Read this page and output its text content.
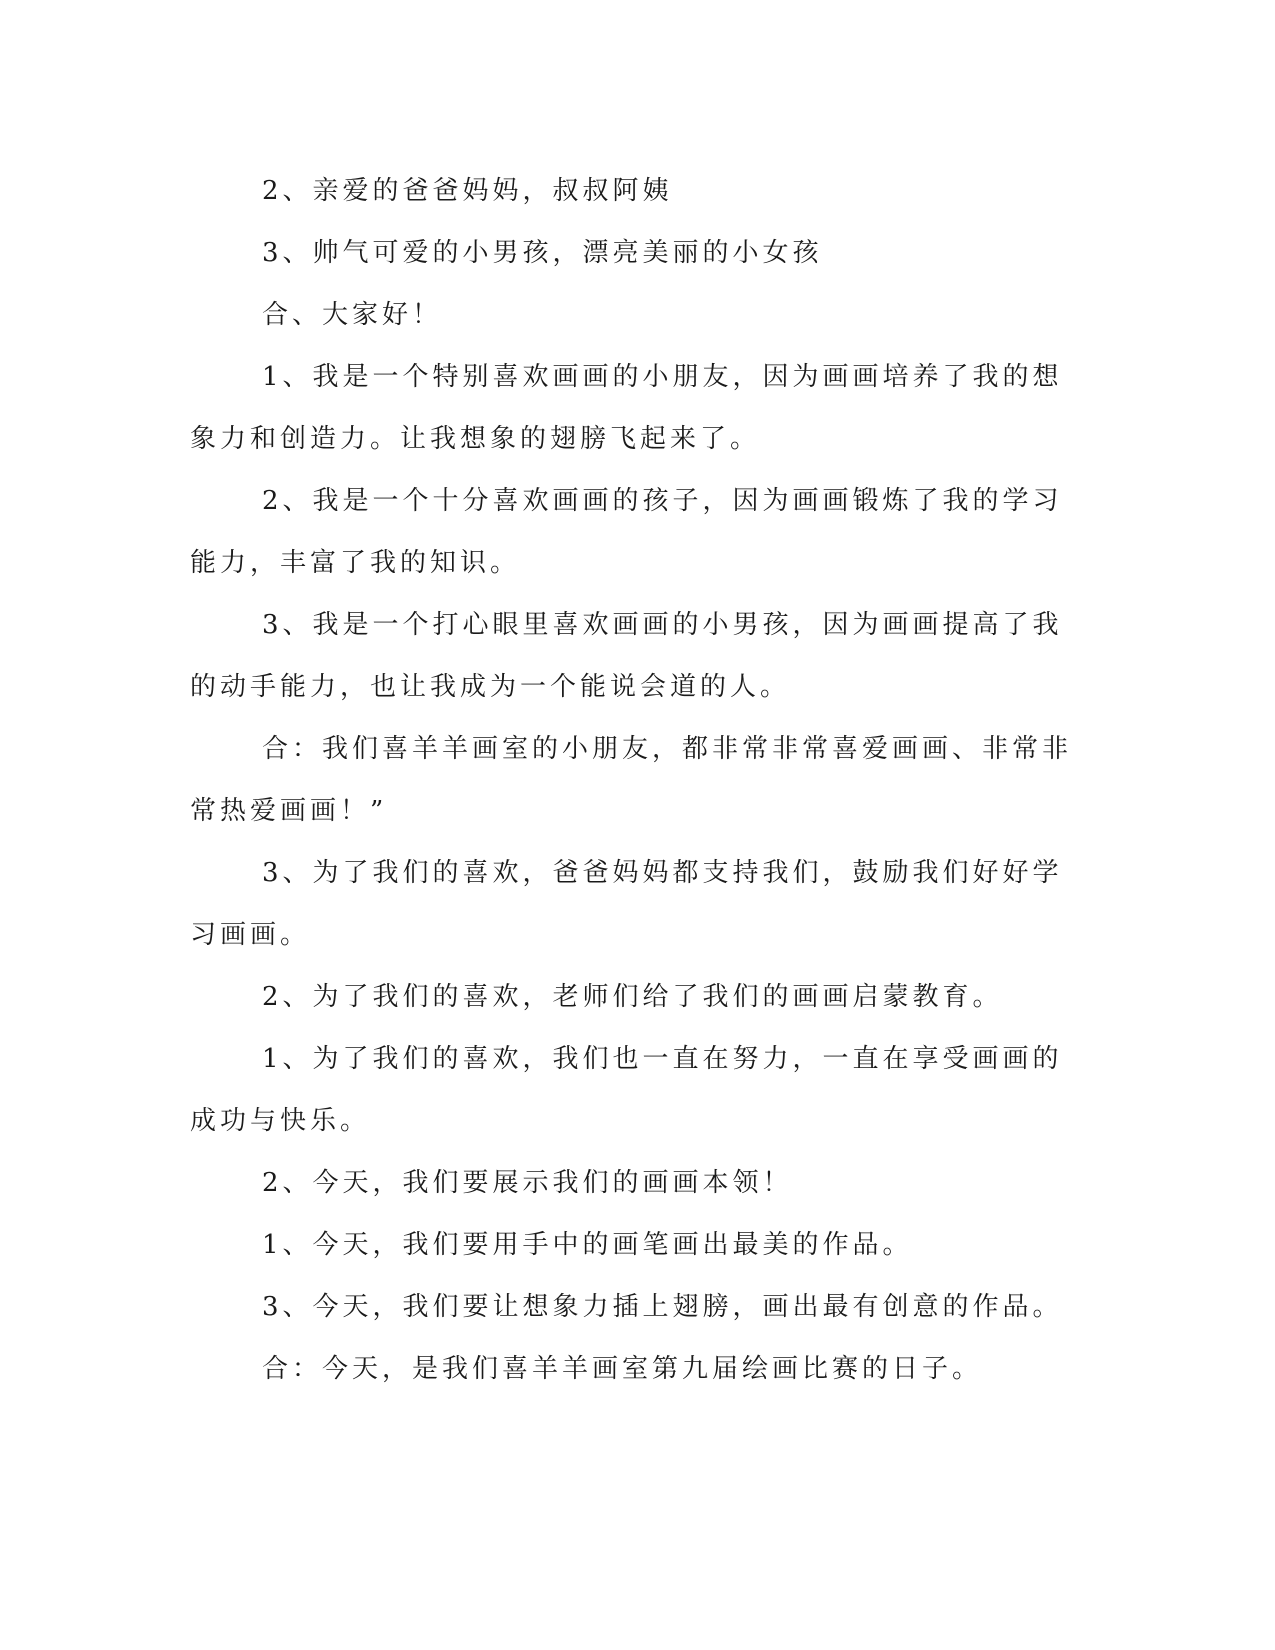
2、亲爱的爸爸妈妈，叔叔阿姨

3、帅气可爱的小男孩，漂亮美丽的小女孩

合、大家好！

1、我是一个特别喜欢画画的小朋友，因为画画培养了我的想象力和创造力。让我想象的翅膀飞起来了。

2、我是一个十分喜欢画画的孩子，因为画画锻炼了我的学习能力，丰富了我的知识。

3、我是一个打心眼里喜欢画画的小男孩，因为画画提高了我的动手能力，也让我成为一个能说会道的人。

合：我们喜羊羊画室的小朋友，都非常非常喜爱画画、非常非常热爱画画！”

3、为了我们的喜欢，爸爸妈妈都支持我们，鼓励我们好好学习画画。

2、为了我们的喜欢，老师们给了我们的画画启蒙教育。

1、为了我们的喜欢，我们也一直在努力，一直在享受画画的成功与快乐。

2、今天，我们要展示我们的画画本领！

1、今天，我们要用手中的画笔画出最美的作品。

3、今天，我们要让想象力插上翅膀，画出最有创意的作品。

合：今天，是我们喜羊羊画室第九届绘画比赛的日子。
